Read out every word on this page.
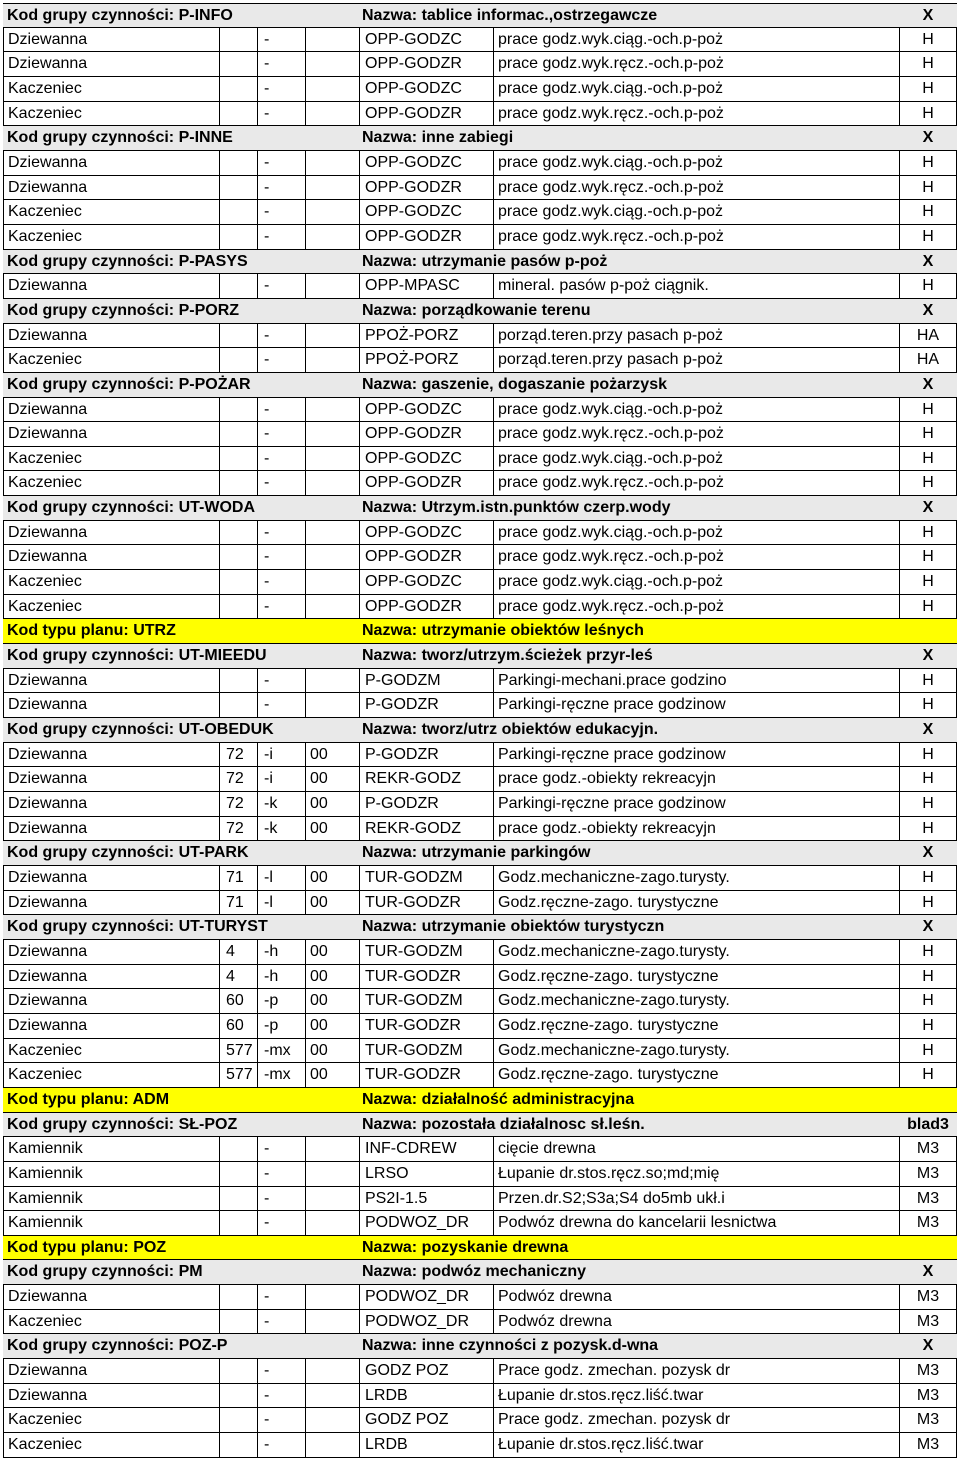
Kod grupy czynności: P-INFO	Nazwa: tablice informac.,ostrzegawcze	X
Dziewanna	-	OPP-GODZC	prace godz.wyk.ciąg.-och.p-poż	H
Dziewanna	-	OPP-GODZR	prace godz.wyk.ręcz.-och.p-poż	H
Kaczeniec	-	OPP-GODZC	prace godz.wyk.ciąg.-och.p-poż	H
Kaczeniec	-	OPP-GODZR	prace godz.wyk.ręcz.-och.p-poż	H
Kod grupy czynności: P-INNE	Nazwa: inne zabiegi	X
Dziewanna	-	OPP-GODZC	prace godz.wyk.ciąg.-och.p-poż	H
Dziewanna	-	OPP-GODZR	prace godz.wyk.ręcz.-och.p-poż	H
Kaczeniec	-	OPP-GODZC	prace godz.wyk.ciąg.-och.p-poż	H
Kaczeniec	-	OPP-GODZR	prace godz.wyk.ręcz.-och.p-poż	H
Kod grupy czynności: P-PASYS	Nazwa: utrzymanie pasów p-poż	X
Dziewanna	-	OPP-MPASC	mineral. pasów p-poż ciągnik.	H
Kod grupy czynności: P-PORZ	Nazwa: porządkowanie terenu	X
Dziewanna	-	PPOŻ-PORZ	porząd.teren.przy pasach p-poż	HA
Kaczeniec	-	PPOŻ-PORZ	porząd.teren.przy pasach p-poż	HA
Kod grupy czynności: P-POŻAR	Nazwa: gaszenie, dogaszanie pożarzysk	X
Dziewanna	-	OPP-GODZC	prace godz.wyk.ciąg.-och.p-poż	H
Dziewanna	-	OPP-GODZR	prace godz.wyk.ręcz.-och.p-poż	H
Kaczeniec	-	OPP-GODZC	prace godz.wyk.ciąg.-och.p-poż	H
Kaczeniec	-	OPP-GODZR	prace godz.wyk.ręcz.-och.p-poż	H
Kod grupy czynności: UT-WODA	Nazwa: Utrzym.istn.punktów czerp.wody	X
Dziewanna	-	OPP-GODZC	prace godz.wyk.ciąg.-och.p-poż	H
Dziewanna	-	OPP-GODZR	prace godz.wyk.ręcz.-och.p-poż	H
Kaczeniec	-	OPP-GODZC	prace godz.wyk.ciąg.-och.p-poż	H
Kaczeniec	-	OPP-GODZR	prace godz.wyk.ręcz.-och.p-poż	H
Kod typu planu: UTRZ	Nazwa: utrzymanie obiektów leśnych
Kod grupy czynności: UT-MIEEDU	Nazwa: tworz/utrzym.ścieżek przyr-leś	X
Dziewanna	-	P-GODZM	Parkingi-mechani.prace godzino	H
Dziewanna	-	P-GODZR	Parkingi-ręczne prace godzinow	H
Kod grupy czynności: UT-OBEDUK	Nazwa: tworz/utrz obiektów edukacyjn.	X
Dziewanna	72	-i	00	P-GODZR	Parkingi-ręczne prace godzinow	H
Dziewanna	72	-i	00	REKR-GODZ	prace godz.-obiekty rekreacyjn	H
Dziewanna	72	-k	00	P-GODZR	Parkingi-ręczne prace godzinow	H
Dziewanna	72	-k	00	REKR-GODZ	prace godz.-obiekty rekreacyjn	H
Kod grupy czynności: UT-PARK	Nazwa: utrzymanie parkingów	X
Dziewanna	71	-l	00	TUR-GODZM	Godz.mechaniczne-zago.turysty.	H
Dziewanna	71	-l	00	TUR-GODZR	Godz.ręczne-zago. turystyczne	H
Kod grupy czynności: UT-TURYST	Nazwa: utrzymanie obiektów turystyczn	X
Dziewanna	4	-h	00	TUR-GODZM	Godz.mechaniczne-zago.turysty.	H
Dziewanna	4	-h	00	TUR-GODZR	Godz.ręczne-zago. turystyczne	H
Dziewanna	60	-p	00	TUR-GODZM	Godz.mechaniczne-zago.turysty.	H
Dziewanna	60	-p	00	TUR-GODZR	Godz.ręczne-zago. turystyczne	H
Kaczeniec	577 -mx	00	TUR-GODZM	Godz.mechaniczne-zago.turysty.	H
Kaczeniec	577 -mx	00	TUR-GODZR	Godz.ręczne-zago. turystyczne	H
Kod typu planu: ADM	Nazwa: działalność administracyjna
Kod grupy czynności: SŁ-POZ	Nazwa: pozostała działalnosc sł.leśn.	blad3
Kamiennik	-	INF-CDREW	cięcie drewna	M3
Kamiennik	-	LRSO	Łupanie dr.stos.ręcz.so;md;mię	M3
Kamiennik	-	PS2I-1.5	Przen.dr.S2;S3a;S4 do5mb ukł.i	M3
Kamiennik	-	PODWOZ_DR	Podwóz drewna do kancelarii lesnictwa	M3
Kod typu planu: POZ	Nazwa: pozyskanie drewna
Kod grupy czynności: PM	Nazwa: podwóz mechaniczny	X
Dziewanna	-	PODWOZ_DR	Podwóz drewna	M3
Kaczeniec	-	PODWOZ_DR	Podwóz drewna	M3
Kod grupy czynności: POZ-P	Nazwa: inne czynności z pozysk.d-wna	X
Dziewanna	-	GODZ POZ	Prace godz. zmechan. pozysk dr	M3
Dziewanna	-	LRDB	Łupanie dr.stos.ręcz.liść.twar	M3
Kaczeniec	-	GODZ POZ	Prace godz. zmechan. pozysk dr	M3
Kaczeniec	-	LRDB	Łupanie dr.stos.ręcz.liść.twar	M3
